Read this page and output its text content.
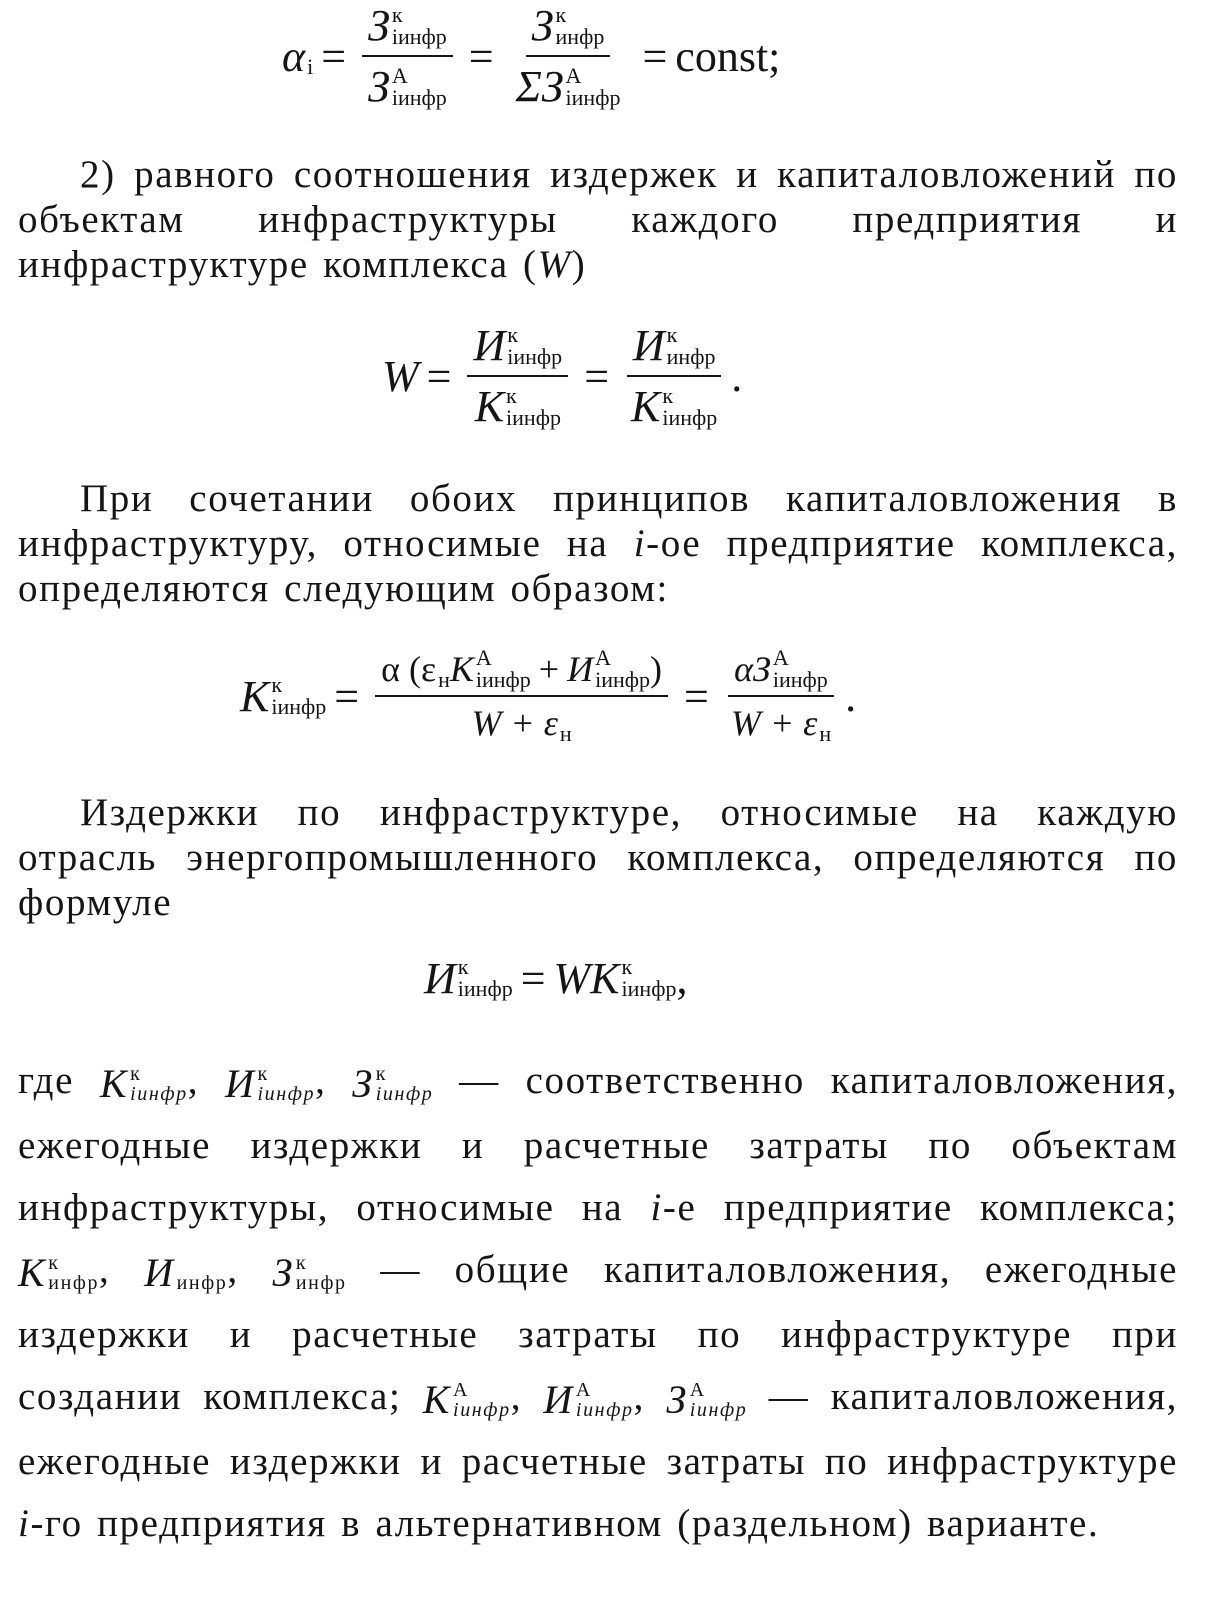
α
i = З к
iинфр
З А
iинфр = З к
инфр
ΣЗ А
iинфр = const;

2) равного соотношения издержек и капиталовложений по объектам инфраструктуры каждого предприятия и инфраструктуре комплекса (W)

W = И к
iинфр
K к
iинфр = И к
инфр
K к
iинфр .

При сочетании обоих принципов капиталовложения в инфраструктуру, относимые на i-ое предприятие комплекса, определяются следующим образом:

K к
iинфр =
α (ε
н K А
iинфр + И А
iинфр )
W + ε
н
= αЗ А
iинфр
W + ε
н .

Издержки по инфраструктуре, относимые на каждую отрасль энергопромышленного комплекса, определяются по формуле

И к
iинфр = WK к
iинфр ,

где K к
iинфр , И к
iинфр , З к
iинфр — соответственно капиталовложения, ежегодные издержки и расчетные затраты по объектам инфраструктуры, относимые на i-е предприятие комплекса;
K к
инфр , И
инфр , З к
инфр — общие капиталовложения, ежегодные издержки и расчетные затраты по инфраструктуре при создании комплекса; K А
iинфр , И А
iинфр , З А
iинфр — капиталовложения, ежегодные издержки и расчетные затраты по инфраструктуре i-го предприятия в альтернативном (раздельном) варианте.
